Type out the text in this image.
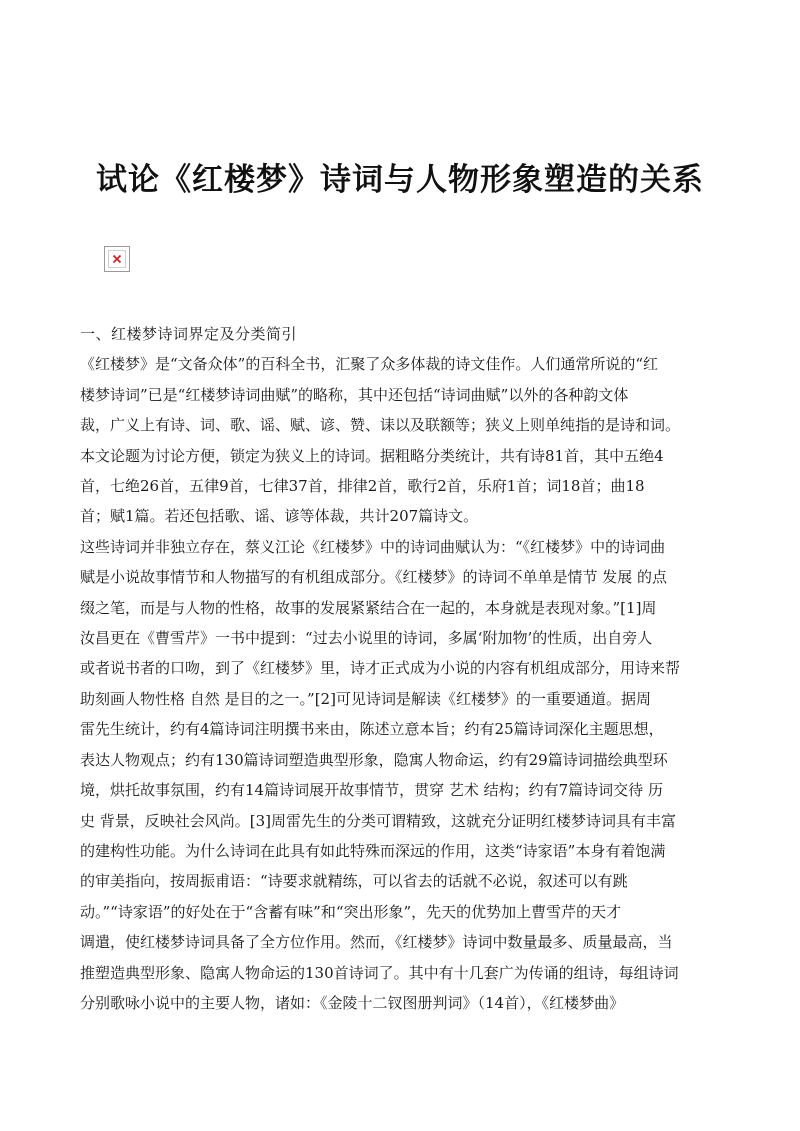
试论《红楼梦》诗词与人物形象塑造的关系

一、红楼梦诗词界定及分类简引

《红楼梦》是“文备众体”的百科全书，汇聚了众多体裁的诗文佳作。人们通常所说的“红

楼梦诗词”已是“红楼梦诗词曲赋”的略称，其中还包括“诗词曲赋”以外的各种韵文体

裁，广义上有诗、词、歌、谣、赋、谚、赞、诔以及联额等；狭义上则单纯指的是诗和词。

本文论题为讨论方便，锁定为狭义上的诗词。据粗略分类统计，共有诗81首，其中五绝4

首，七绝26首，五律9首，七律37首，排律2首，歌行2首，乐府1首；词18首；曲18

首；赋1篇。若还包括歌、谣、谚等体裁，共计207篇诗文。

这些诗词并非独立存在，蔡义江论《红楼梦》中的诗词曲赋认为：“《红楼梦》中的诗词曲

赋是小说故事情节和人物描写的有机组成部分。《红楼梦》的诗词不单单是情节 发展 的点

缀之笔，而是与人物的性格，故事的发展紧紧结合在一起的，本身就是表现对象。”[1]周

汝昌更在《曹雪芹》一书中提到：“过去小说里的诗词，多属‘附加物’的性质，出自旁人

或者说书者的口吻，到了《红楼梦》里，诗才正式成为小说的内容有机组成部分，用诗来帮

助刻画人物性格 自然 是目的之一。”[2]可见诗词是解读《红楼梦》的一重要通道。据周

雷先生统计，约有4篇诗词注明撰书来由，陈述立意本旨；约有25篇诗词深化主题思想，

表达人物观点；约有130篇诗词塑造典型形象，隐寓人物命运，约有29篇诗词描绘典型环

境，烘托故事氛围，约有14篇诗词展开故事情节，贯穿 艺术 结构；约有7篇诗词交待 历

史 背景，反映社会风尚。[3]周雷先生的分类可谓精致，这就充分证明红楼梦诗词具有丰富

的建构性功能。为什么诗词在此具有如此特殊而深远的作用，这类“诗家语”本身有着饱满

的审美指向，按周振甫语：“诗要求就精练，可以省去的话就不必说，叙述可以有跳

动。”“诗家语”的好处在于“含蓄有味”和“突出形象”，先天的优势加上曹雪芹的天才

调遣，使红楼梦诗词具备了全方位作用。然而，《红楼梦》诗词中数量最多、质量最高，当

推塑造典型形象、隐寓人物命运的130首诗词了。其中有十几套广为传诵的组诗，每组诗词

分别歌咏小说中的主要人物，诸如：《金陵十二钗图册判词》（14首），《红楼梦曲》
